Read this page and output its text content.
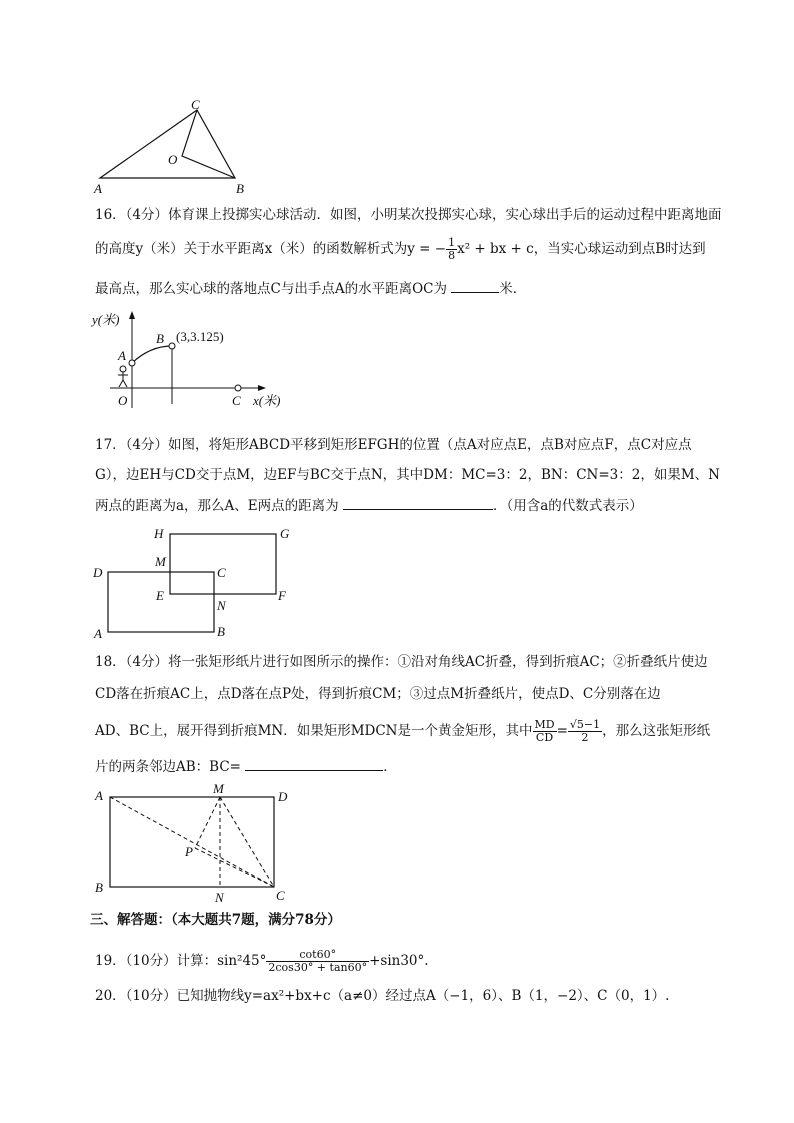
C
O
A	B
16．（4分）体育课上投掷实心球活动．如图，小明某次投掷实心球，实心球出手后的运动过程中距离地面
的高度y（米）关于水平距离x（米）的函数解析式为y = − $\frac{1}{8} x^2$ + bx + c，当实心球运动到点B时达到
最高点，那么实心球的落地点C与出手点A的水平距离OC为	米．
y(米)
x(米)
(3,3.125)
A
B
O	C
17．（4分）如图，将矩形ABCD平移到矩形EFGH的位置（点A对应点E，点B对应点F，点C对应点
G），边EH与CD交于点M，边EF与BC交于点N，其中DM：MC=3：2，BN：CN=3：2，如果M、N
两点的距离为a，那么A、E两点的距离为	．（用含a的代数式表示）
H	G
M
D	C
E	F
N
A	B
18．（4分）将一张矩形纸片进行如图所示的操作：①沿对角线AC折叠，得到折痕AC；②折叠纸片使边
CD落在折痕AC上，点D落在点P处，得到折痕CM；③过点M折叠纸片，使点D、C分别落在边
AD、BC上，展开得到折痕MN．如果矩形MDCN是一个黄金矩形，其中 $\frac{MD}{CD} = \frac{√5-1}{2}$ ，那么这张矩形纸
片的两条邻边AB：BC=	．
A	M
D
P
B
N	C
三、解答题：（本大题共7题，满分78分）
19．（10分）计算：$\sin^245^\circ \frac{\cot 60^\circ}{2\cos 30^\circ + \tan 60^\circ} +\sin 30^\circ$.
20．（10分）已知抛物线y=ax²+bx+c（a≠0）经过点A（−1，6）、B（1，−2）、C（0，1）.
